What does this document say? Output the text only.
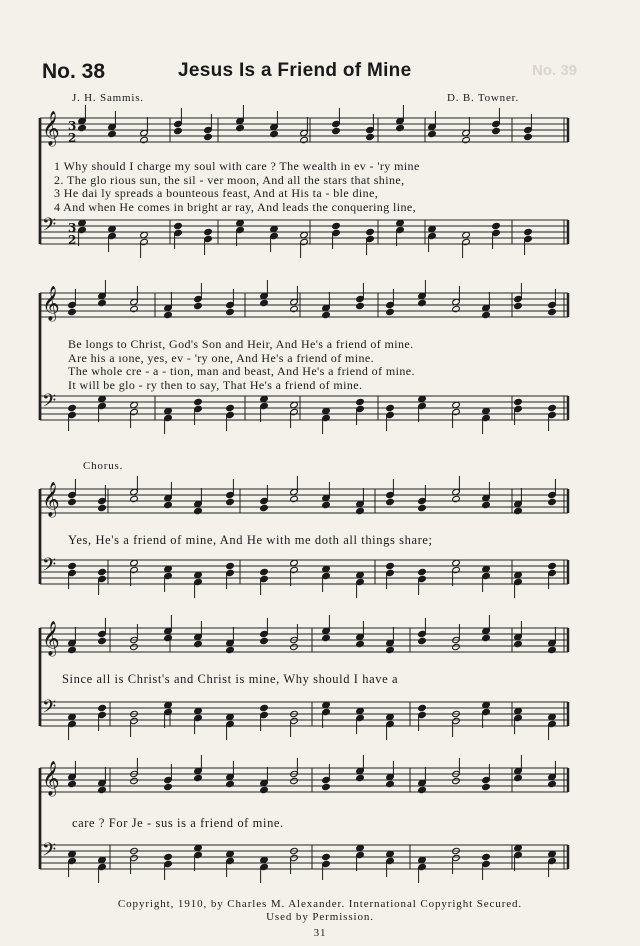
No. 38	Jesus Is a Friend of Mine	No. 39
J. H. Sammis.	D. B. Towner.
𝄞 3
2
𝄢 3
2
𝄞
𝄢
𝄞
𝄢
𝄞
𝄢
𝄞
𝄢
1 Why should I charge my soul with care ? The wealth in ev - 'ry mine
2. The glo rious sun, the sil - ver moon, And all the stars that shine,
3 He dai ly spreads a bounteous feast, And at His ta - ble dine,
4 And when He comes in bright ar ray, And leads the conquering line,
Be longs to Christ, God's Son and Heir, And He's a friend of mine.
Are his a ıone, yes, ev - 'ry one, And He's a friend of mine.
The whole cre - a - tion, man and beast, And He's a friend of mine.
It will be glo - ry then to say, That He's a friend of mine.
Chorus.
Yes, He's a friend of mine, And He with me doth all things share;
Since all is Christ's and Christ is mine, Why should I have a
care ? For Je - sus is a friend of mine.
Copyright, 1910, by Charles M. Alexander. International Copyright Secured.
Used by Permission.
31
